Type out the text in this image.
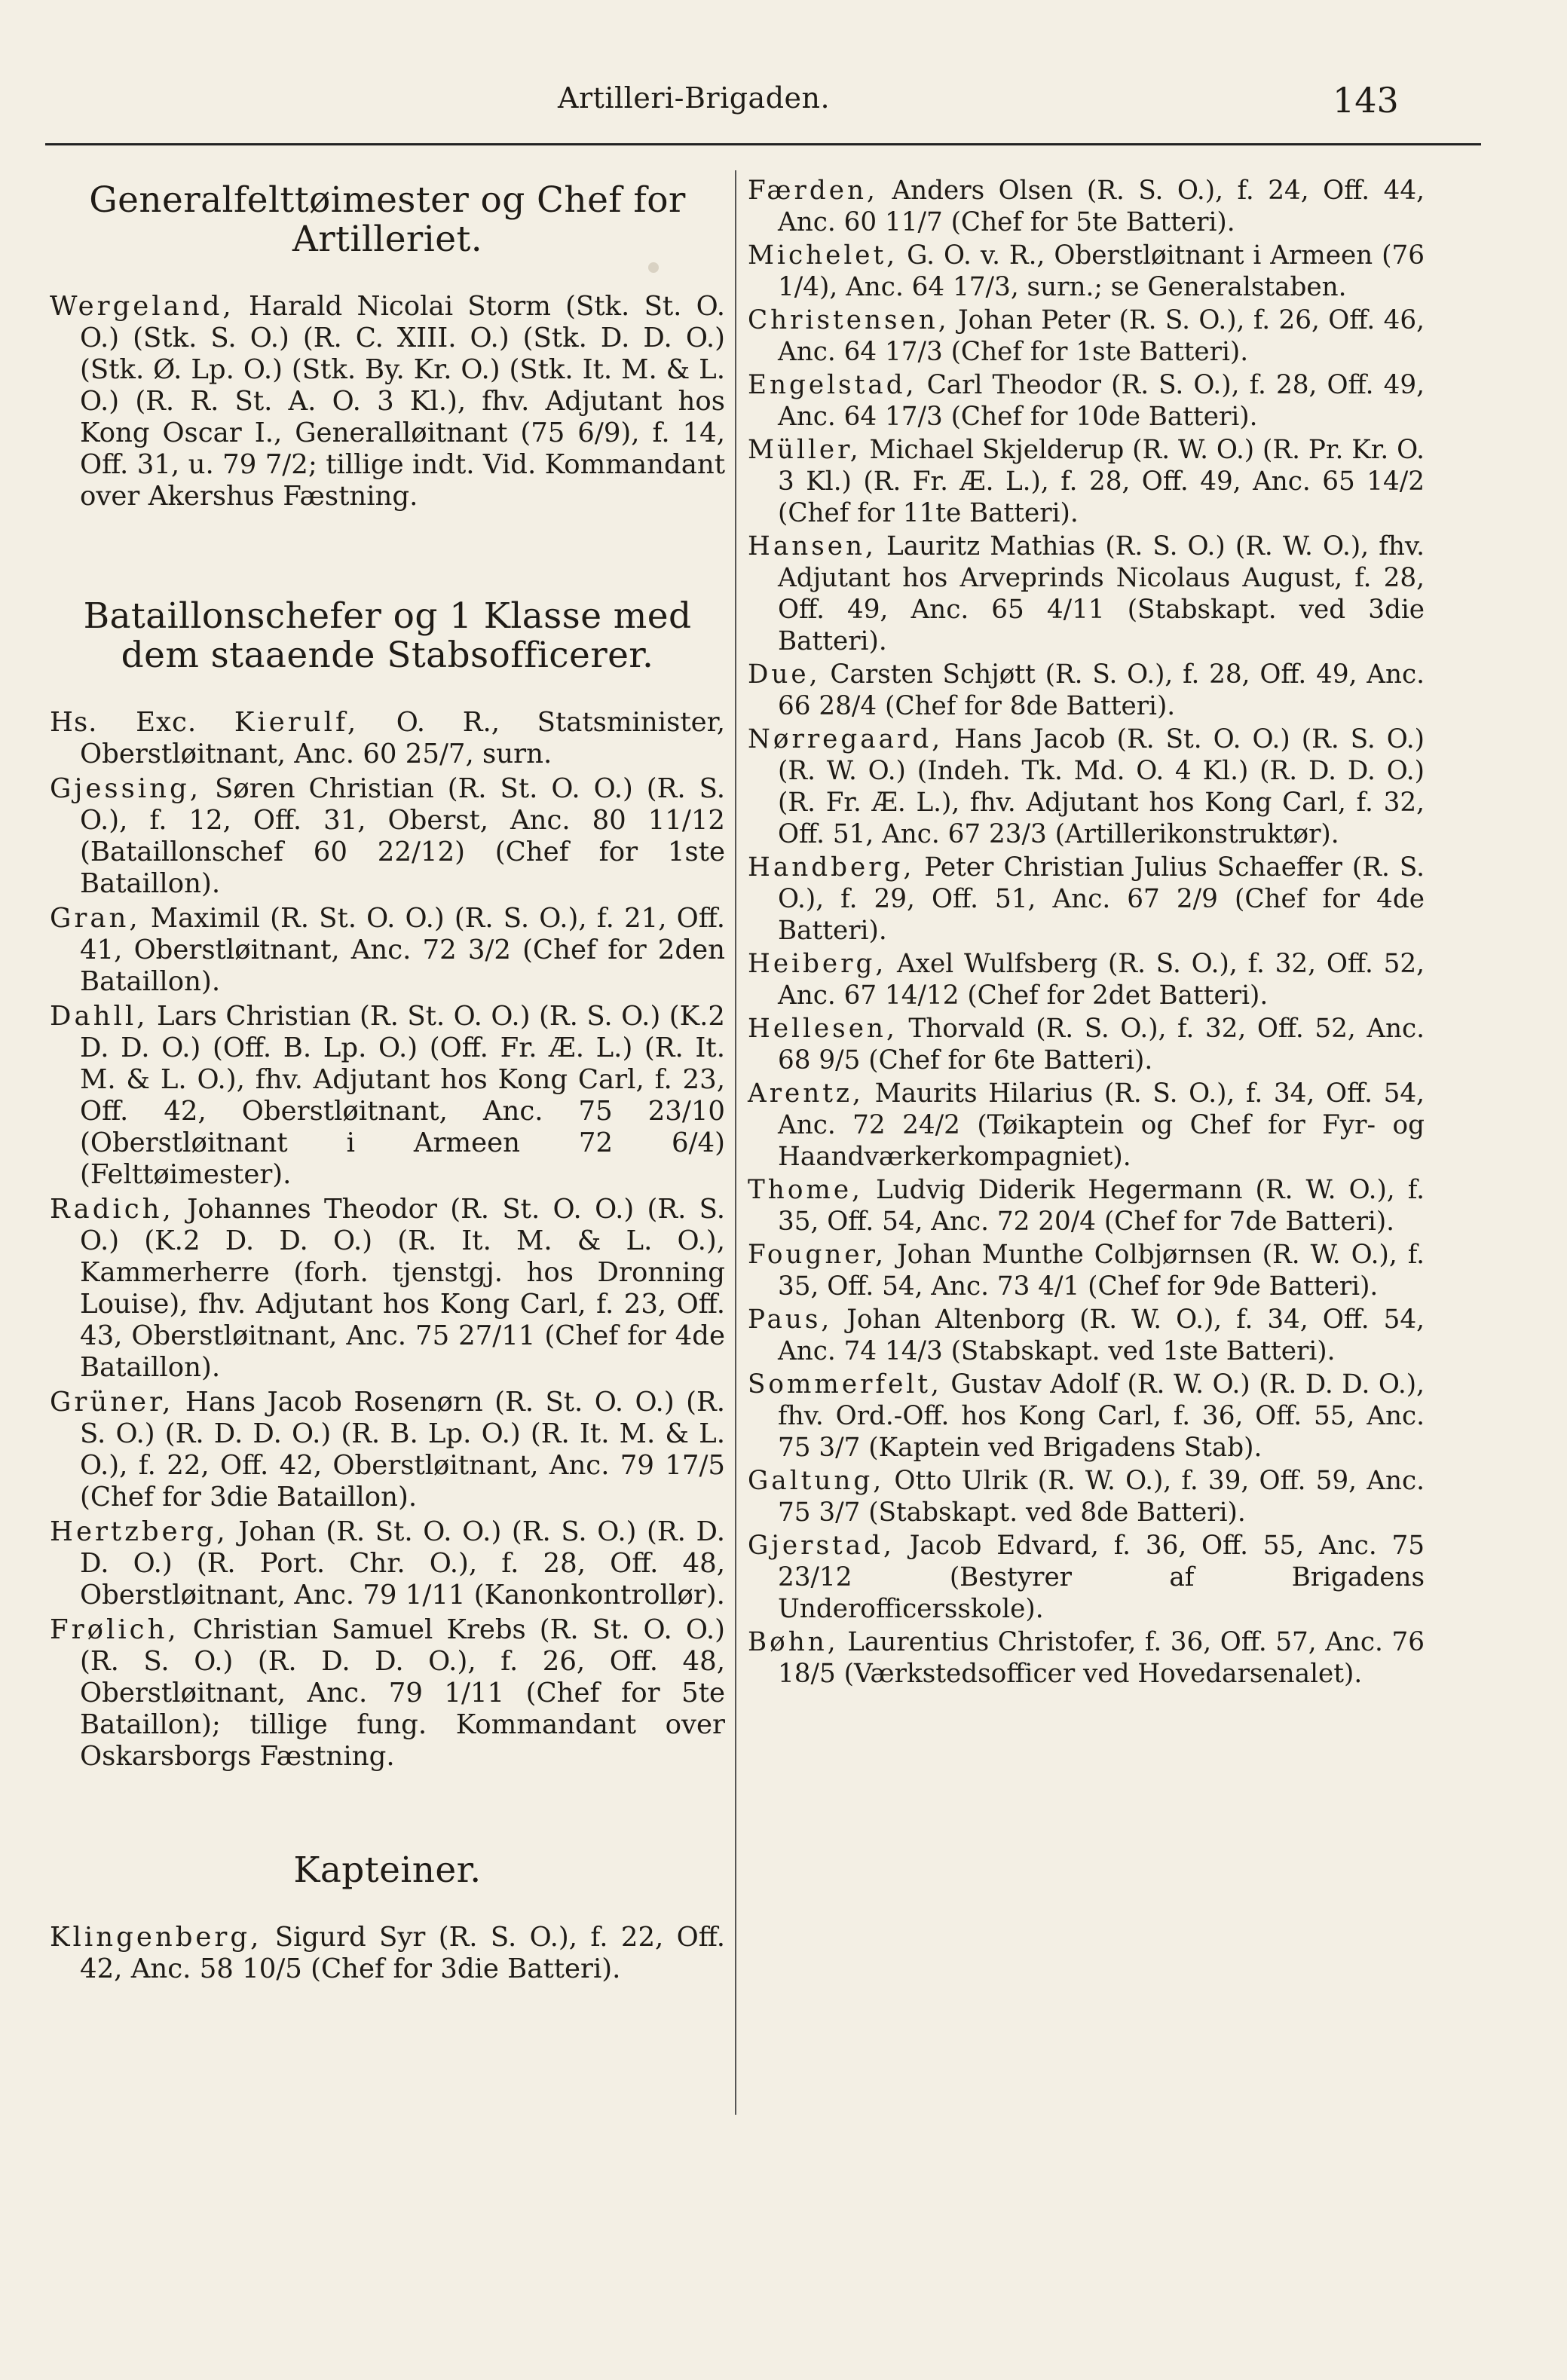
Artilleri-Brigaden.	143
Generalfelttøimester og Chef for Artilleriet.

Wergeland, Harald Nicolai Storm (Stk. St. O. O.) (Stk. S. O.) (R. C. XIII. O.) (Stk. D. D. O.) (Stk. Ø. Lp. O.) (Stk. By. Kr. O.) (Stk. It. M. & L. O.) (R. R. St. A. O. 3 Kl.), fhv. Adjutant hos Kong Oscar I., Generalløitnant (75 6/9), f. 14, Off. 31, u. 79 7/2; tillige indt. Vid. Kommandant over Akershus Fæstning.

Bataillonschefer og 1 Klasse med dem staaende Stabsofficerer.

Hs. Exc. Kierulf, O. R., Statsminister, Oberstløitnant, Anc. 60 25/7, surn.

Gjessing, Søren Christian (R. St. O. O.) (R. S. O.), f. 12, Off. 31, Oberst, Anc. 80 11/12 (Bataillonschef 60 22/12) (Chef for 1ste Bataillon).

Gran, Maximil (R. St. O. O.) (R. S. O.), f. 21, Off. 41, Oberstløitnant, Anc. 72 3/2 (Chef for 2den Bataillon).

Dahll, Lars Christian (R. St. O. O.) (R. S. O.) (K.2 D. D. O.) (Off. B. Lp. O.) (Off. Fr. Æ. L.) (R. It. M. & L. O.), fhv. Adjutant hos Kong Carl, f. 23, Off. 42, Oberstløitnant, Anc. 75 23/10 (Oberstløitnant i Armeen 72 6/4) (Felttøimester).

Radich, Johannes Theodor (R. St. O. O.) (R. S. O.) (K.2 D. D. O.) (R. It. M. & L. O.), Kammerherre (forh. tjenstgj. hos Dronning Louise), fhv. Adjutant hos Kong Carl, f. 23, Off. 43, Oberstløitnant, Anc. 75 27/11 (Chef for 4de Bataillon).

Grüner, Hans Jacob Rosenørn (R. St. O. O.) (R. S. O.) (R. D. D. O.) (R. B. Lp. O.) (R. It. M. & L. O.), f. 22, Off. 42, Oberstløitnant, Anc. 79 17/5 (Chef for 3die Bataillon).

Hertzberg, Johan (R. St. O. O.) (R. S. O.) (R. D. D. O.) (R. Port. Chr. O.), f. 28, Off. 48, Oberstløitnant, Anc. 79 1/11 (Kanonkontrollør).

Frølich, Christian Samuel Krebs (R. St. O. O.) (R. S. O.) (R. D. D. O.), f. 26, Off. 48, Oberstløitnant, Anc. 79 1/11 (Chef for 5te Bataillon); tillige fung. Kommandant over Oskarsborgs Fæstning.

Kapteiner.

Klingenberg, Sigurd Syr (R. S. O.), f. 22, Off. 42, Anc. 58 10/5 (Chef for 3die Batteri).

Færden, Anders Olsen (R. S. O.), f. 24, Off. 44, Anc. 60 11/7 (Chef for 5te Batteri).

Michelet, G. O. v. R., Oberstløitnant i Armeen (76 1/4), Anc. 64 17/3, surn.; se Generalstaben.

Christensen, Johan Peter (R. S. O.), f. 26, Off. 46, Anc. 64 17/3 (Chef for 1ste Batteri).

Engelstad, Carl Theodor (R. S. O.), f. 28, Off. 49, Anc. 64 17/3 (Chef for 10de Batteri).

Müller, Michael Skjelderup (R. W. O.) (R. Pr. Kr. O. 3 Kl.) (R. Fr. Æ. L.), f. 28, Off. 49, Anc. 65 14/2 (Chef for 11te Batteri).

Hansen, Lauritz Mathias (R. S. O.) (R. W. O.), fhv. Adjutant hos Arveprinds Nicolaus August, f. 28, Off. 49, Anc. 65 4/11 (Stabskapt. ved 3die Batteri).

Due, Carsten Schjøtt (R. S. O.), f. 28, Off. 49, Anc. 66 28/4 (Chef for 8de Batteri).

Nørregaard, Hans Jacob (R. St. O. O.) (R. S. O.) (R. W. O.) (Indeh. Tk. Md. O. 4 Kl.) (R. D. D. O.) (R. Fr. Æ. L.), fhv. Adjutant hos Kong Carl, f. 32, Off. 51, Anc. 67 23/3 (Artillerikonstruktør).

Handberg, Peter Christian Julius Schaeffer (R. S. O.), f. 29, Off. 51, Anc. 67 2/9 (Chef for 4de Batteri).

Heiberg, Axel Wulfsberg (R. S. O.), f. 32, Off. 52, Anc. 67 14/12 (Chef for 2det Batteri).

Hellesen, Thorvald (R. S. O.), f. 32, Off. 52, Anc. 68 9/5 (Chef for 6te Batteri).

Arentz, Maurits Hilarius (R. S. O.), f. 34, Off. 54, Anc. 72 24/2 (Tøikaptein og Chef for Fyr- og Haandværkerkompagniet).

Thome, Ludvig Diderik Hegermann (R. W. O.), f. 35, Off. 54, Anc. 72 20/4 (Chef for 7de Batteri).

Fougner, Johan Munthe Colbjørnsen (R. W. O.), f. 35, Off. 54, Anc. 73 4/1 (Chef for 9de Batteri).

Paus, Johan Altenborg (R. W. O.), f. 34, Off. 54, Anc. 74 14/3 (Stabskapt. ved 1ste Batteri).

Sommerfelt, Gustav Adolf (R. W. O.) (R. D. D. O.), fhv. Ord.-Off. hos Kong Carl, f. 36, Off. 55, Anc. 75 3/7 (Kaptein ved Brigadens Stab).

Galtung, Otto Ulrik (R. W. O.), f. 39, Off. 59, Anc. 75 3/7 (Stabskapt. ved 8de Batteri).

Gjerstad, Jacob Edvard, f. 36, Off. 55, Anc. 75 23/12 (Bestyrer af Brigadens Underofficersskole).

Bøhn, Laurentius Christofer, f. 36, Off. 57, Anc. 76 18/5 (Værkstedsofficer ved Hovedarsenalet).
